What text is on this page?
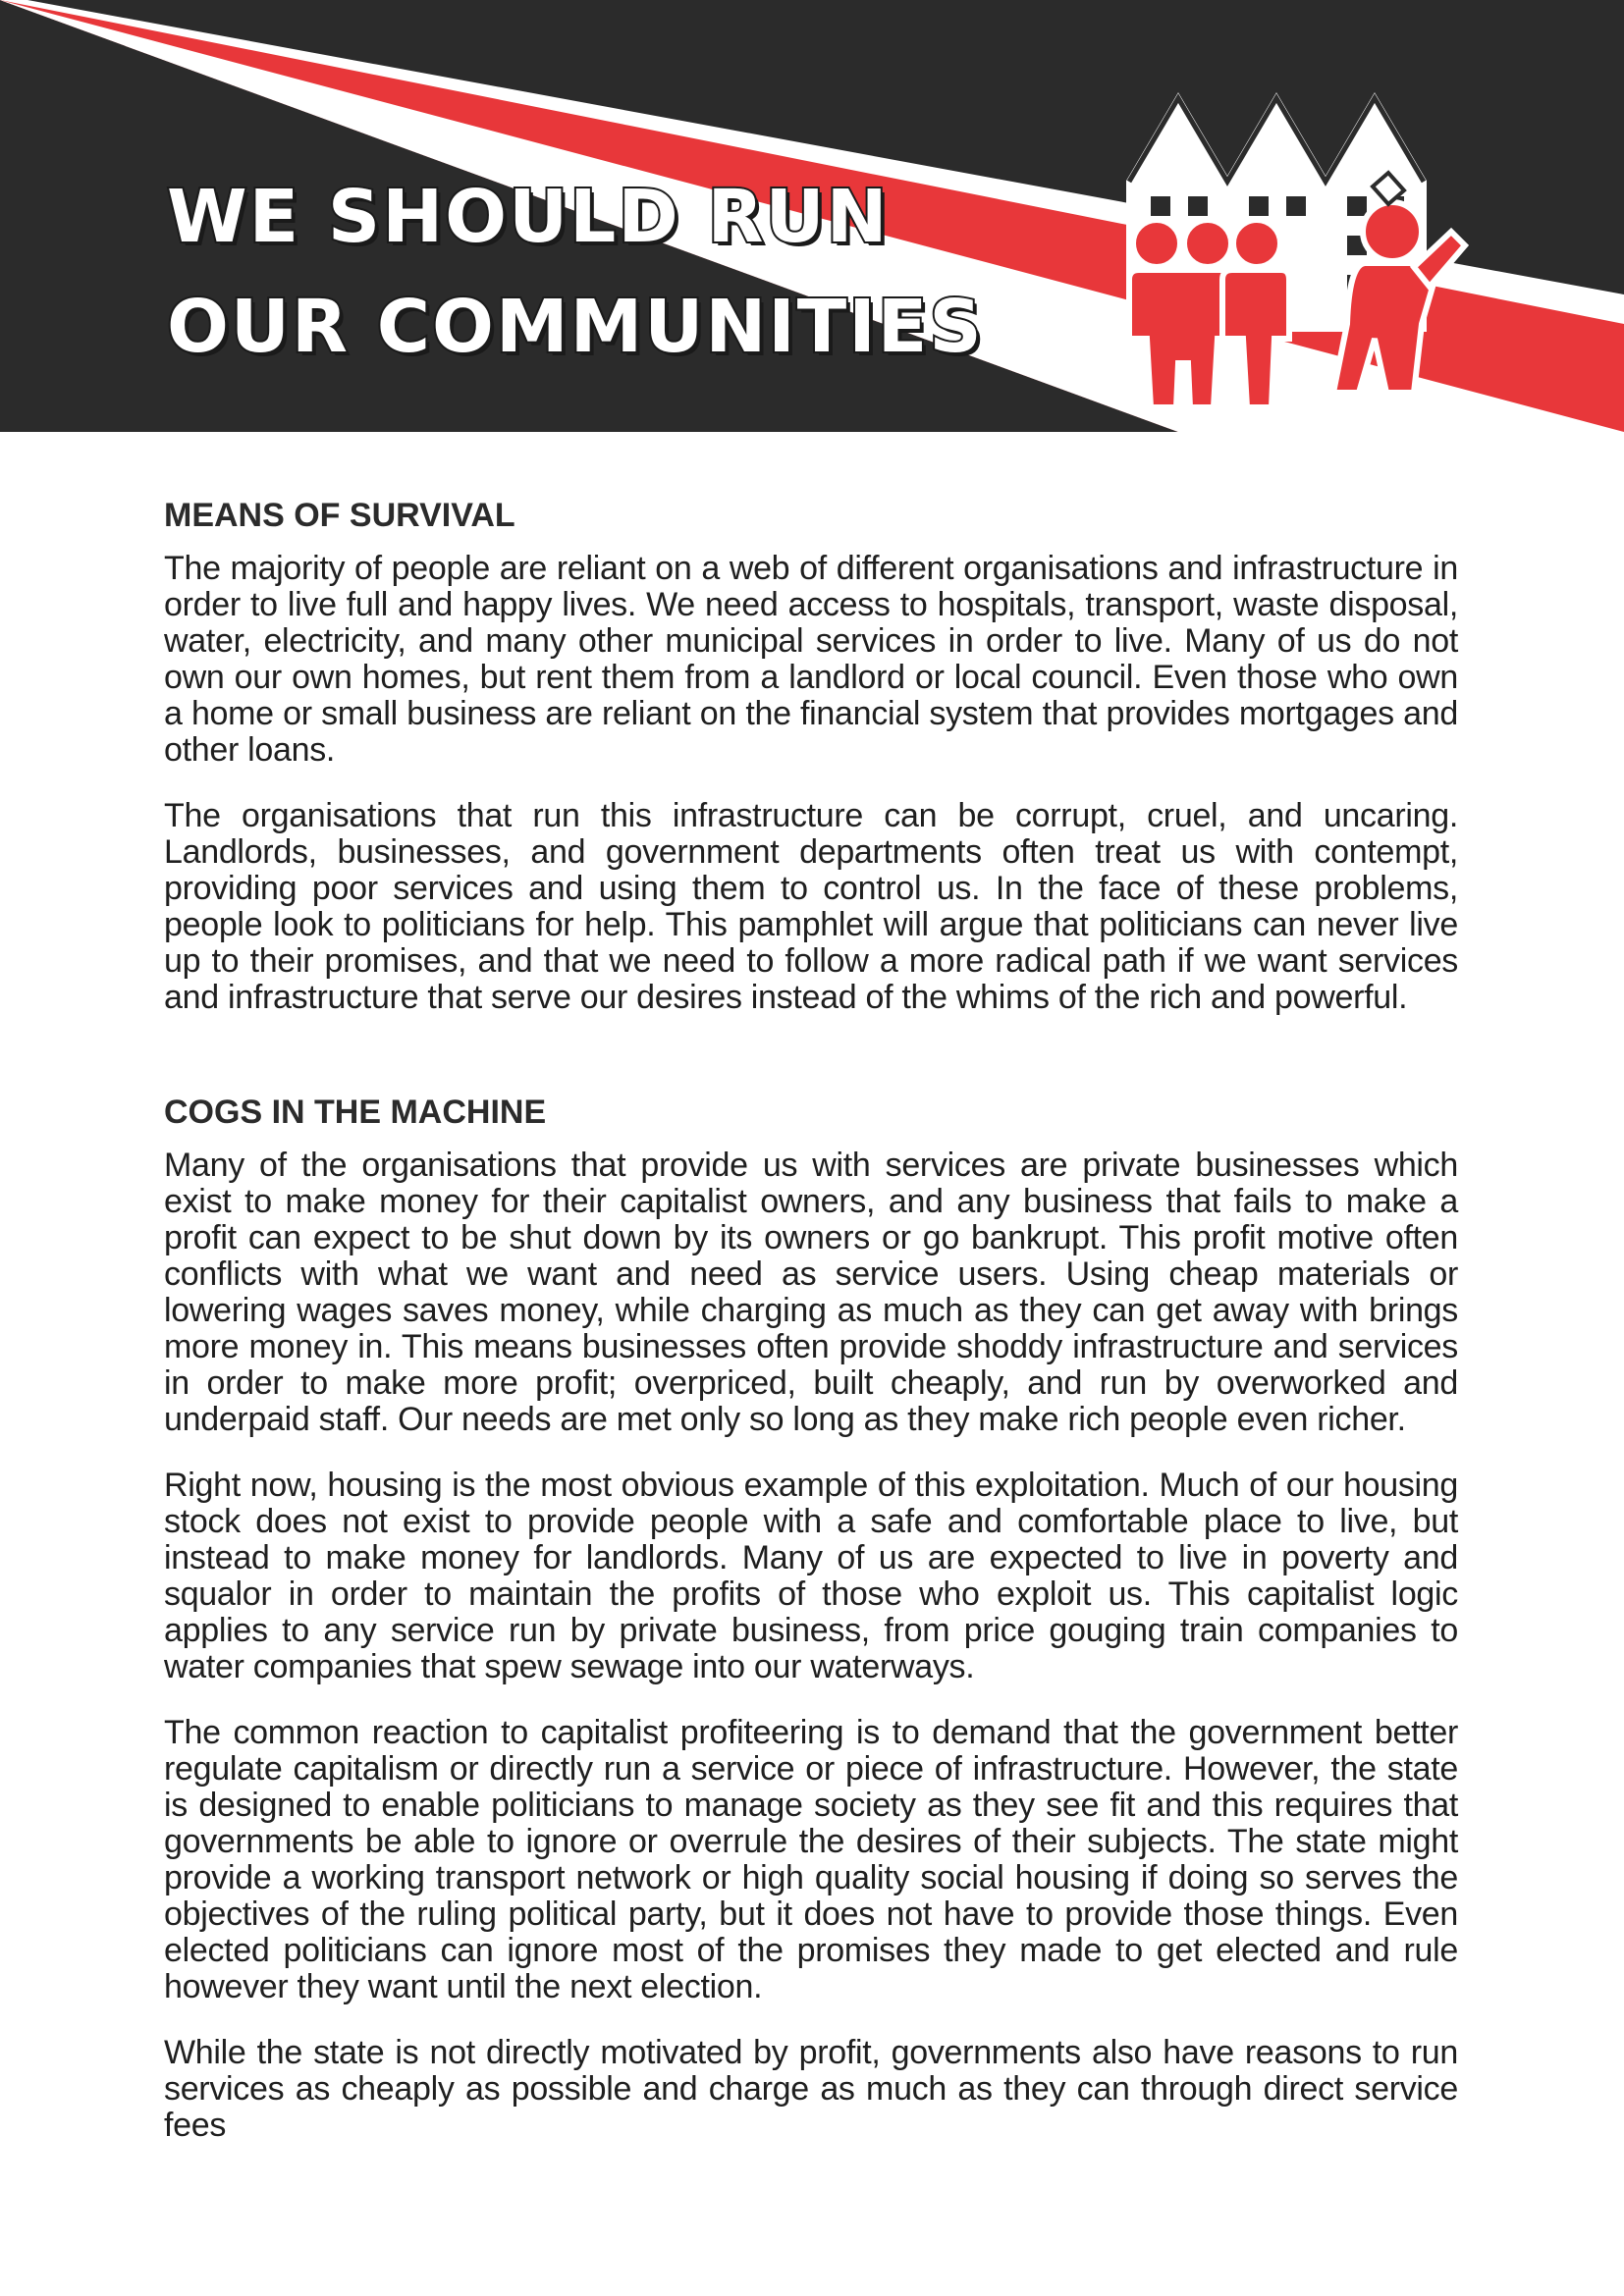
WE SHOULD RUN
OUR COMMUNITIES
MEANS OF SURVIVAL

The majority of people are reliant on a web of different organisations and infrastructure in order to live full and happy lives. We need access to hospitals, transport, waste disposal, water, electricity, and many other municipal services in order to live. Many of us do not own our own homes, but rent them from a landlord or local council. Even those who own a home or small business are reliant on the financial system that provides mortgages and other loans.

The organisations that run this infrastructure can be corrupt, cruel, and uncaring. Landlords, businesses, and government departments often treat us with contempt, providing poor services and using them to control us. In the face of these problems, people look to politicians for help. This pamphlet will argue that politicians can never live up to their promises, and that we need to follow a more radical path if we want services and infrastructure that serve our desires instead of the whims of the rich and powerful.

COGS IN THE MACHINE

Many of the organisations that provide us with services are private businesses which exist to make money for their capitalist owners, and any business that fails to make a profit can expect to be shut down by its owners or go bankrupt. This profit motive often conflicts with what we want and need as service users. Using cheap materials or lowering wages saves money, while charging as much as they can get away with brings more money in. This means businesses often provide shoddy infrastructure and services in order to make more profit; overpriced, built cheaply, and run by overworked and underpaid staff. Our needs are met only so long as they make rich people even richer.

Right now, housing is the most obvious example of this exploitation. Much of our housing stock does not exist to provide people with a safe and comfortable place to live, but instead to make money for landlords. Many of us are expected to live in poverty and squalor in order to maintain the profits of those who exploit us. This capitalist logic applies to any service run by private business, from price gouging train companies to water companies that spew sewage into our waterways.

The common reaction to capitalist profiteering is to demand that the government better regulate capitalism or directly run a service or piece of infrastructure. However, the state is designed to enable politicians to manage society as they see fit and this requires that governments be able to ignore or overrule the desires of their subjects. The state might provide a working transport network or high quality social housing if doing so serves the objectives of the ruling political party, but it does not have to provide those things. Even elected politicians can ignore most of the promises they made to get elected and rule however they want until the next election.

While the state is not directly motivated by profit, governments also have reasons to run services as cheaply as possible and charge as much as they can through direct service fees
